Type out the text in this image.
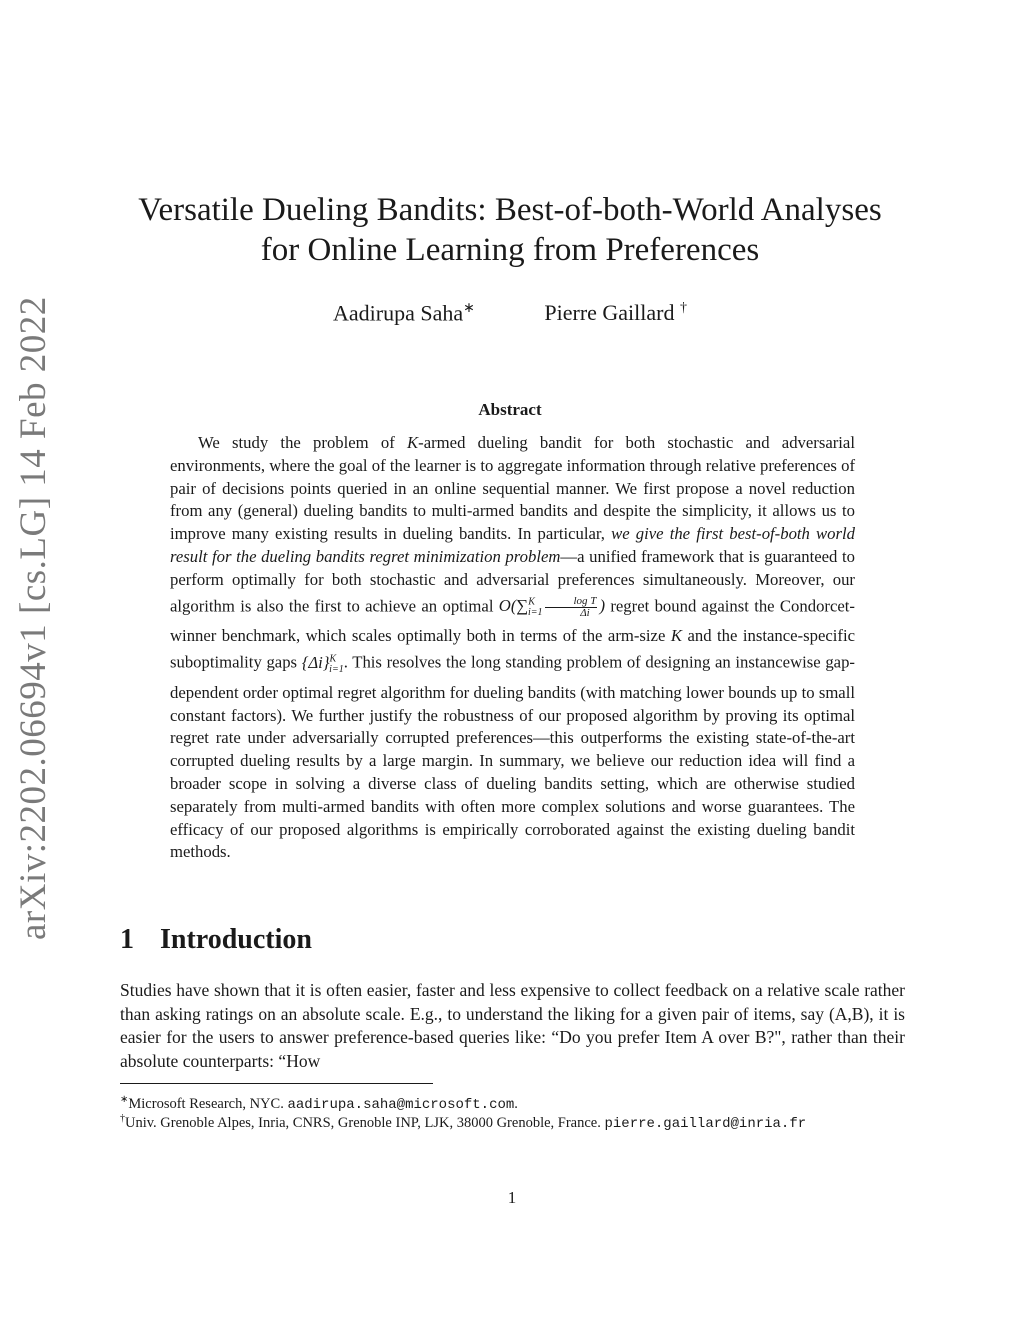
arXiv:2202.06694v1 [cs.LG] 14 Feb 2022
Versatile Dueling Bandits: Best-of-both-World Analyses
for Online Learning from Preferences
Aadirupa Saha∗	Pierre Gaillard †
Abstract

We study the problem of K-armed dueling bandit for both stochastic and adversarial environments, where the goal of the learner is to aggregate information through relative preferences of pair of decisions points queried in an online sequential manner. We first propose a novel reduction from any (general) dueling bandits to multi-armed bandits and despite the simplicity, it allows us to improve many existing results in dueling bandits. In particular, we give the first best-of-both world result for the dueling bandits regret minimization problem—a unified framework that is guaranteed to perform optimally for both stochastic and adversarial preferences simultaneously. Moreover, our algorithm is also the first to achieve an optimal $O(\sum^K_{i=1} \frac{\text{log T}}{\Delta i}$ ) regret bound against the Condorcet-winner benchmark, which scales optimally both in terms of the arm-size K and the instance-specific suboptimality gaps $\{\Delta i\}^K_{i=1}$. This resolves the long standing problem of designing an instancewise gap-dependent order optimal regret algorithm for dueling bandits (with matching lower bounds up to small constant factors). We further justify the robustness of our proposed algorithm by proving its optimal regret rate under adversarially corrupted preferences—this outperforms the existing state-of-the-art corrupted dueling results by a large margin. In summary, we believe our reduction idea will find a broader scope in solving a diverse class of dueling bandits setting, which are otherwise studied separately from multi-armed bandits with often more complex solutions and worse guarantees. The efficacy of our proposed algorithms is empirically corroborated against the existing dueling bandit methods.

1 Introduction

Studies have shown that it is often easier, faster and less expensive to collect feedback on a relative scale rather than asking ratings on an absolute scale. E.g., to understand the liking for a given pair of items, say (A,B), it is easier for the users to answer preference-based queries like: “Do you prefer Item A over B?", rather than their absolute counterparts: “How

∗Microsoft Research, NYC. aadirupa.saha@microsoft.com.

†Univ. Grenoble Alpes, Inria, CNRS, Grenoble INP, LJK, 38000 Grenoble, France. pierre.gaillard@inria.fr

1
